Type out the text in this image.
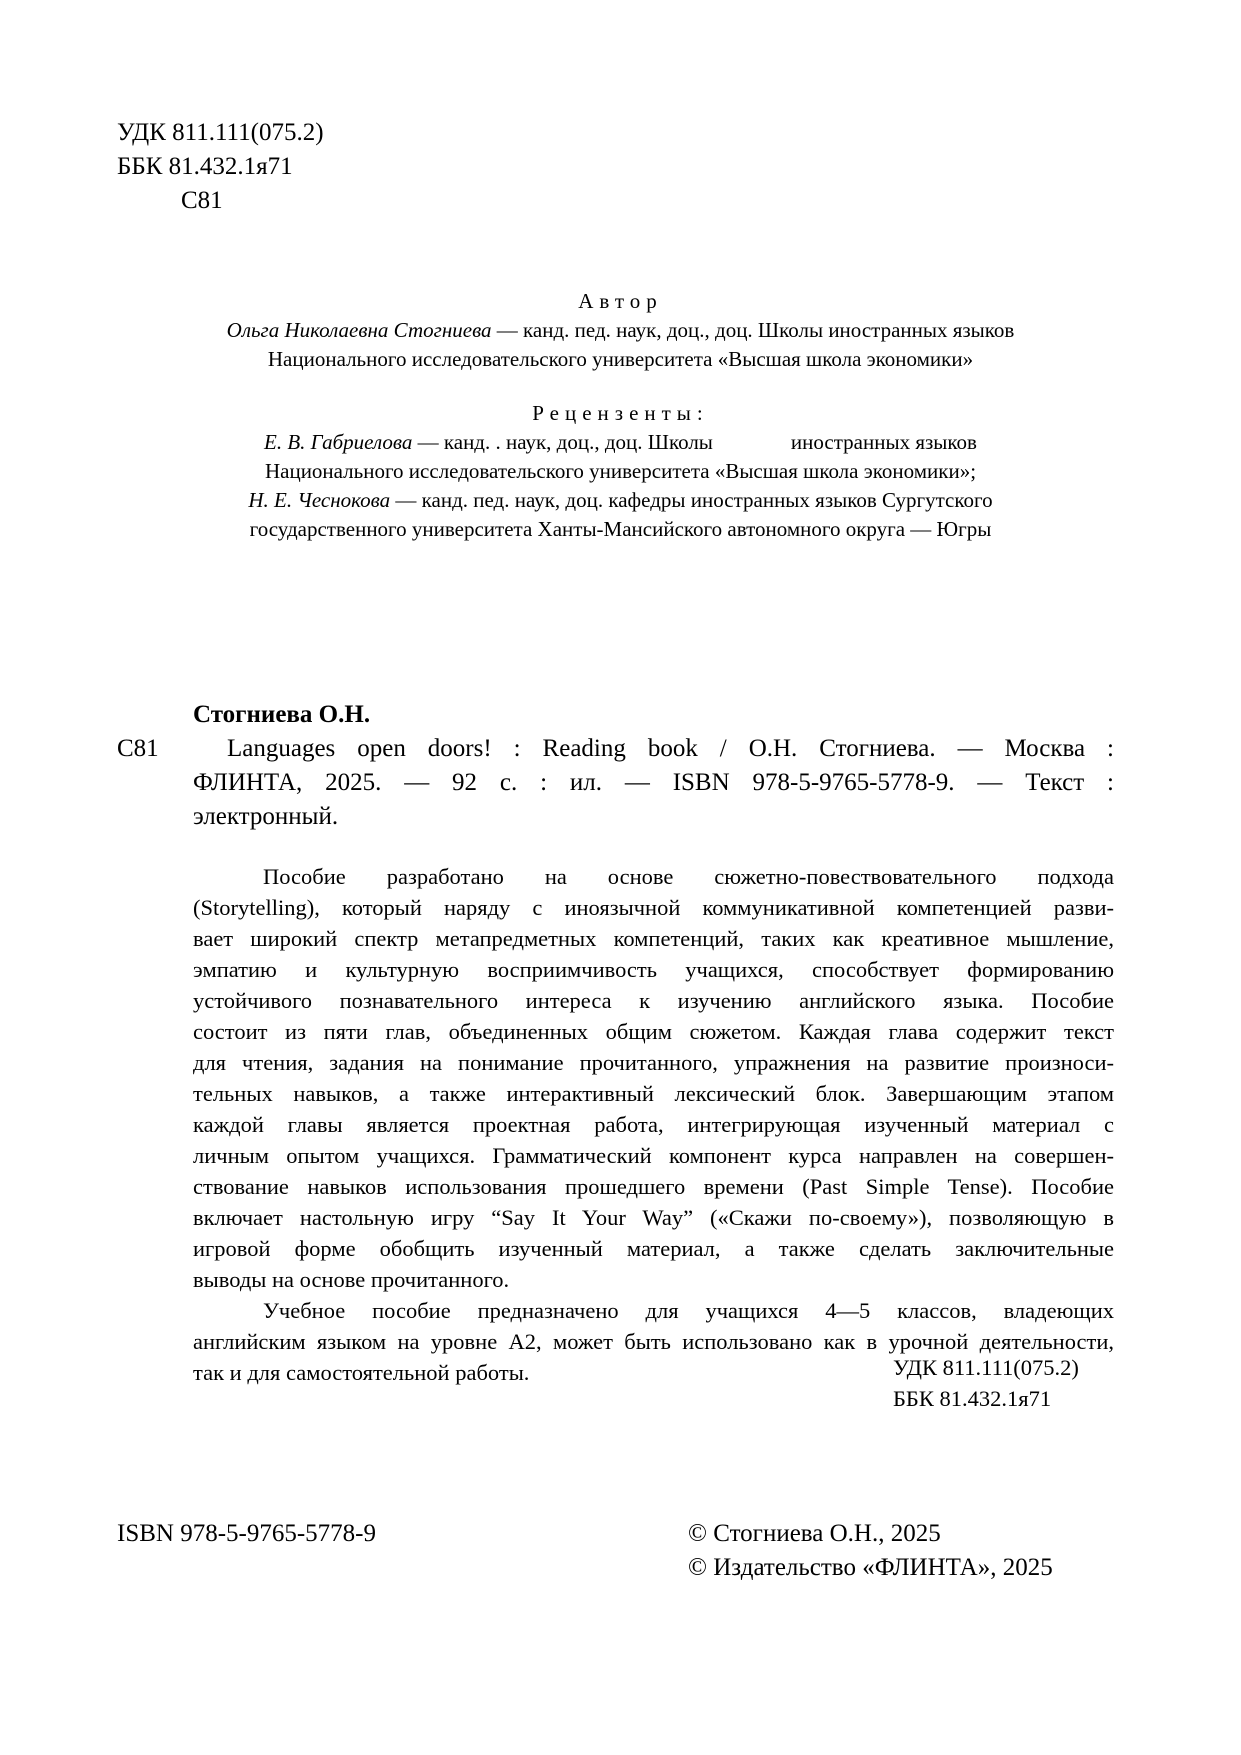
УДК 811.111(075.2)
ББК 81.432.1я71
С81
Автор
Ольга Николаевна Стогниева — канд. пед. наук, доц., доц. Школы иностранных языков
Национального исследовательского университета «Высшая школа экономики»
Рецензенты:
Е. В. Габриелова — канд. . наук, доц., доц. Школы	иностранных языков
Национального исследовательского университета «Высшая школа экономики»;
Н. Е. Чеснокова — канд. пед. наук, доц. кафедры иностранных языков Сургутского
государственного университета Ханты-Мансийского автономного округа — Югры
Стогниева О.Н.
С81	Languages open doors! : Reading book / О.Н. Стогниева. — Москва :
ФЛИНТА, 2025. — 92 с. : ил. — ISBN 978-5-9765-5778-9. — Текст :
электронный.
Пособие разработано на основе сюжетно-повествовательного подхода
(Storytelling), который наряду с иноязычной коммуникативной компетенцией разви-
вает широкий спектр метапредметных компетенций, таких как креативное мышление,
эмпатию и культурную восприимчивость учащихся, способствует формированию
устойчивого познавательного интереса к изучению английского языка. Пособие
состоит из пяти глав, объединенных общим сюжетом. Каждая глава содержит текст
для чтения, задания на понимание прочитанного, упражнения на развитие произноси-
тельных навыков, а также интерактивный лексический блок. Завершающим этапом
каждой главы является проектная работа, интегрирующая изученный материал с
личным опытом учащихся. Грамматический компонент курса направлен на совершен-
ствование навыков использования прошедшего времени (Past Simple Tense). Пособие
включает настольную игру “Say It Your Way” («Скажи по-своему»), позволяющую в
игровой форме обобщить изученный материал, а также сделать заключительные
выводы на основе прочитанного.
Учебное пособие предназначено для учащихся 4—5 классов, владеющих
английским языком на уровне А2, может быть использовано как в урочной деятельности,
так и для самостоятельной работы.	УДК 811.111(075.2)
ББК 81.432.1я71
ISBN 978-5-9765-5778-9	© Стогниева О.Н., 2025
© Издательство «ФЛИНТА», 2025
